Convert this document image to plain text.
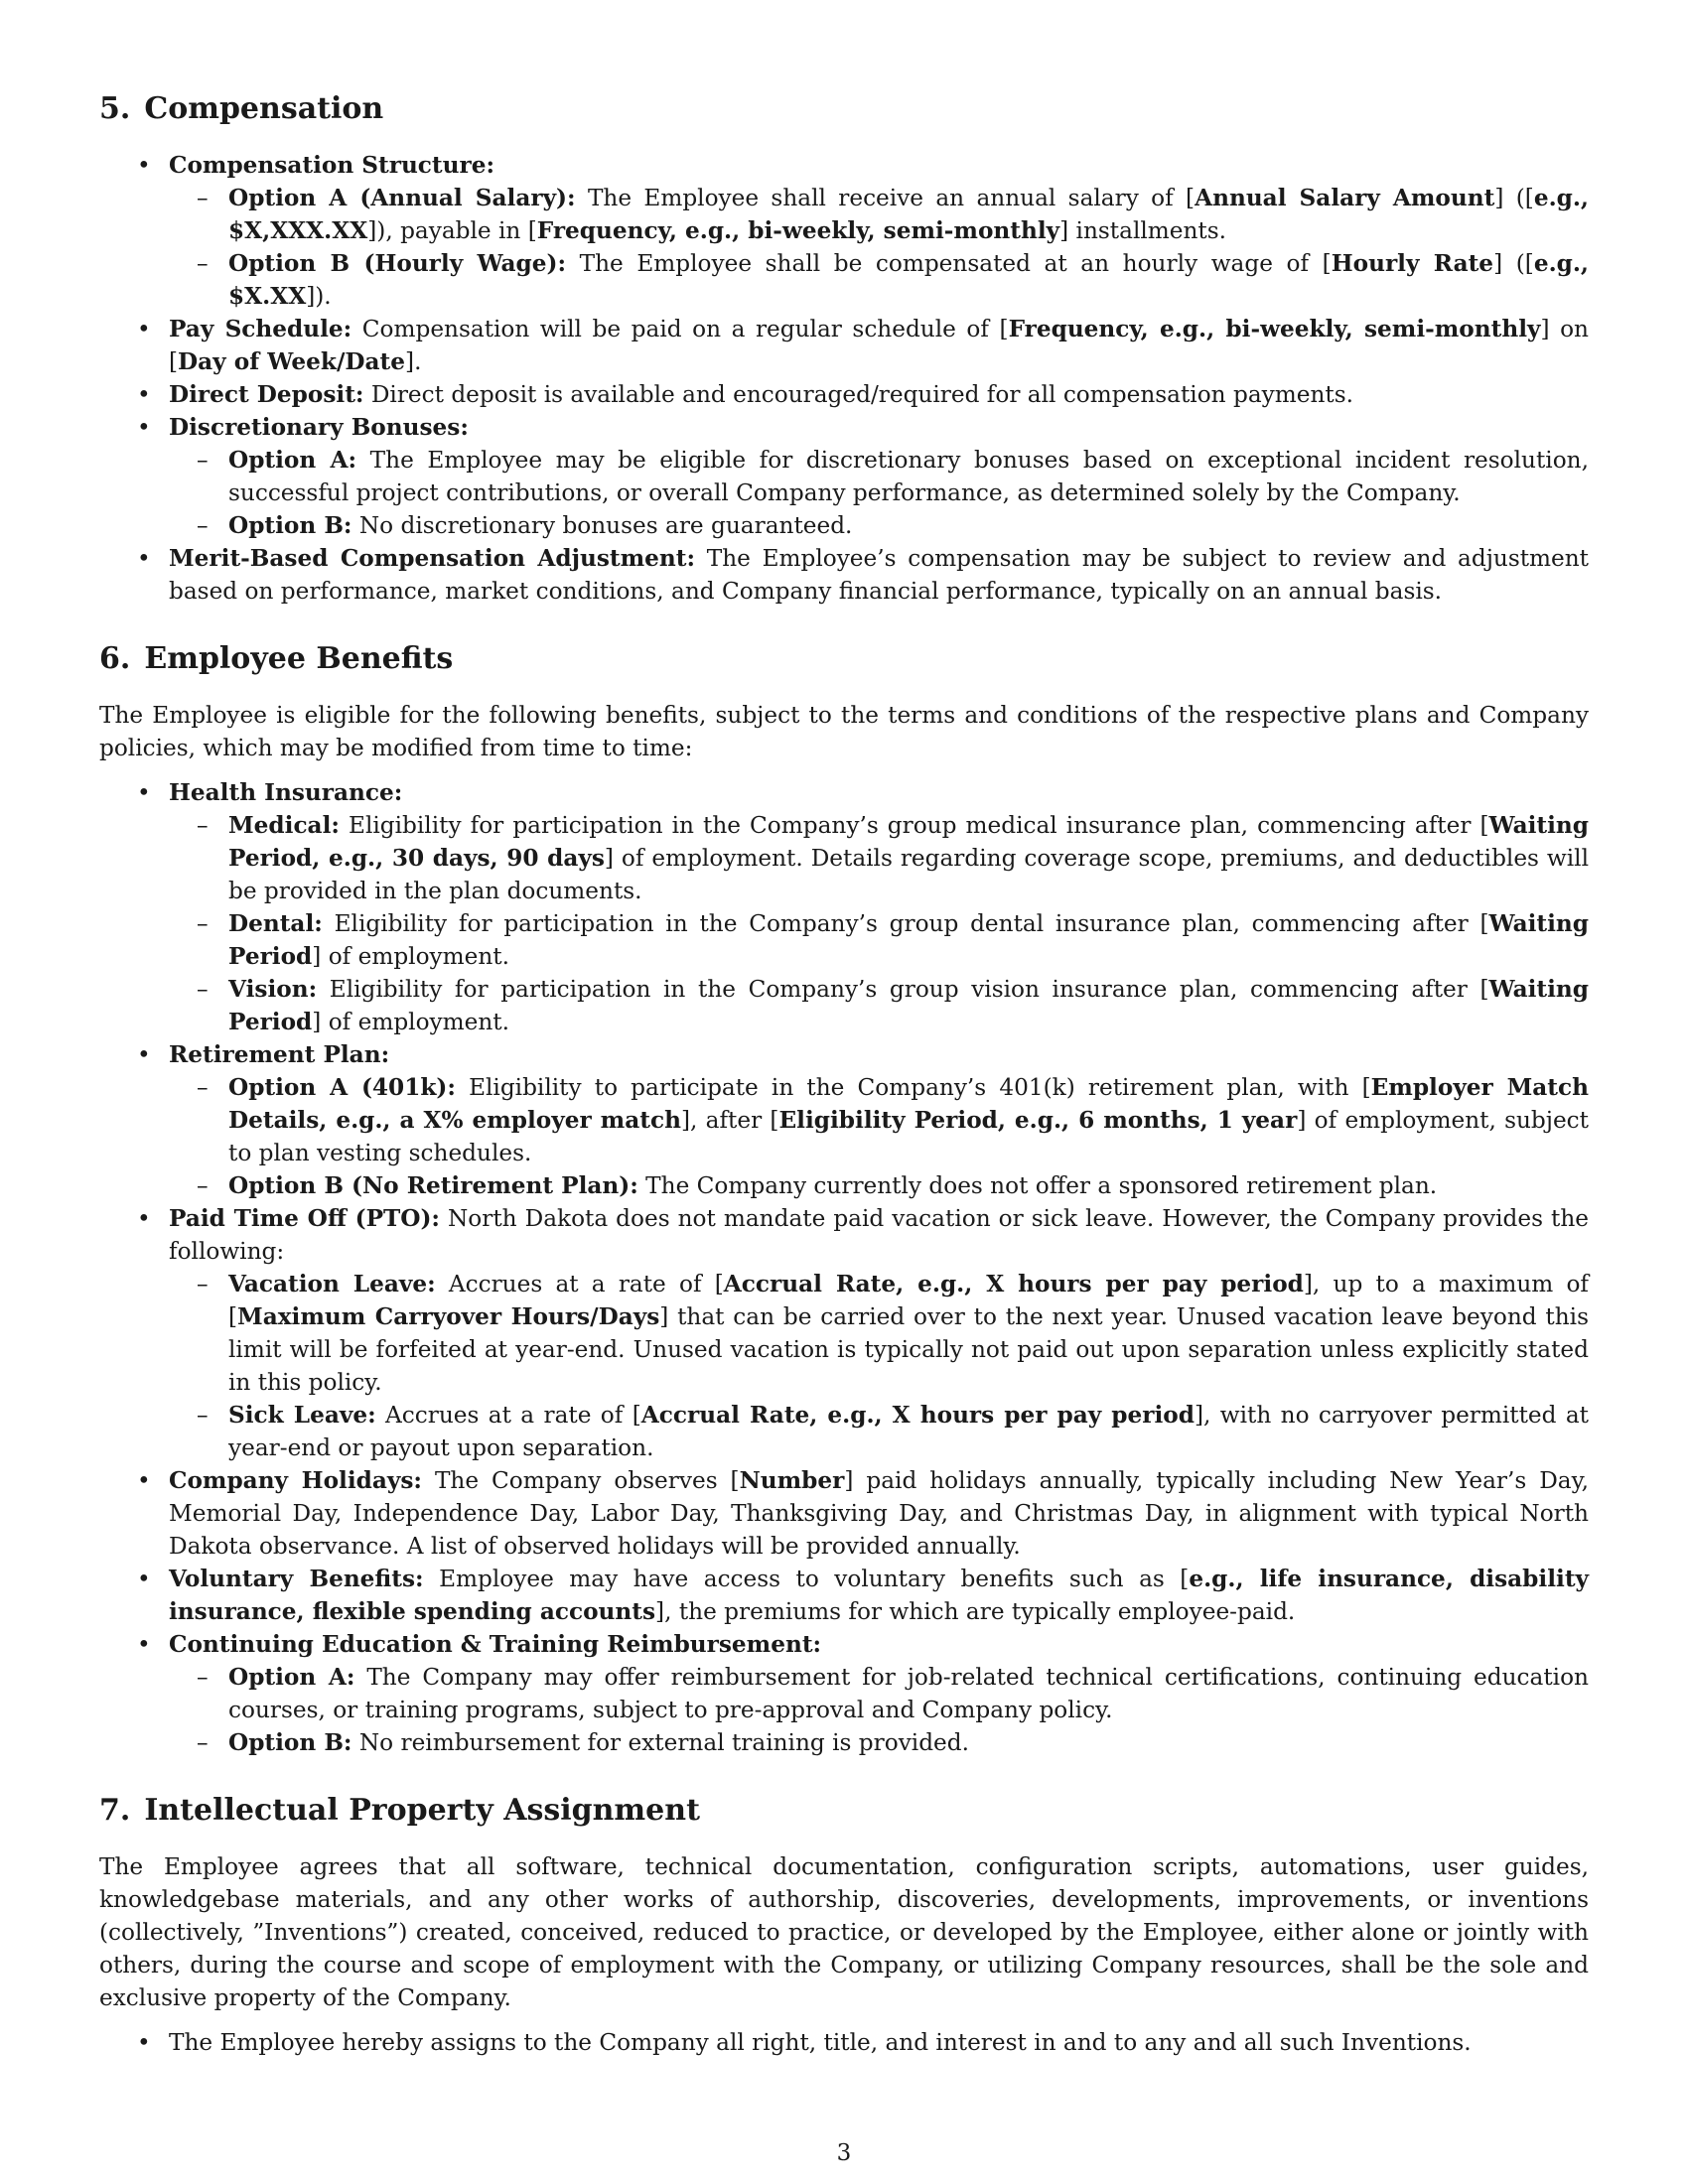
5. Compensation
• Compensation Structure:
– Option A (Annual Salary): The Employee shall receive an annual salary of [Annual Salary Amount] ([e.g., $X,XXX.XX]), payable in [Frequency, e.g., bi-weekly, semi-monthly] installments.
– Option B (Hourly Wage): The Employee shall be compensated at an hourly wage of [Hourly Rate] ([e.g., $X.XX]).
• Pay Schedule: Compensation will be paid on a regular schedule of [Frequency, e.g., bi-weekly, semi-monthly] on [Day of Week/Date].
• Direct Deposit: Direct deposit is available and encouraged/required for all compensation payments.
• Discretionary Bonuses:
– Option A: The Employee may be eligible for discretionary bonuses based on exceptional incident resolution, successful project contributions, or overall Company performance, as determined solely by the Company.
– Option B: No discretionary bonuses are guaranteed.
• Merit-Based Compensation Adjustment: The Employee’s compensation may be subject to review and adjustment based on performance, market conditions, and Company financial performance, typically on an annual basis.
6. Employee Benefits

The Employee is eligible for the following benefits, subject to the terms and conditions of the respective plans and Company policies, which may be modified from time to time:

• Health Insurance:
– Medical: Eligibility for participation in the Company’s group medical insurance plan, commencing after [Waiting Period, e.g., 30 days, 90 days] of employment. Details regarding coverage scope, premiums, and deductibles will be provided in the plan documents.
– Dental: Eligibility for participation in the Company’s group dental insurance plan, commencing after [Waiting Period] of employment.
– Vision: Eligibility for participation in the Company’s group vision insurance plan, commencing after [Waiting Period] of employment.
• Retirement Plan:
– Option A (401k): Eligibility to participate in the Company’s 401(k) retirement plan, with [Employer Match Details, e.g., a X% employer match], after [Eligibility Period, e.g., 6 months, 1 year] of employment, subject to plan vesting schedules.
– Option B (No Retirement Plan): The Company currently does not offer a sponsored retirement plan.
• Paid Time Off (PTO): North Dakota does not mandate paid vacation or sick leave. However, the Company provides the following:
– Vacation Leave: Accrues at a rate of [Accrual Rate, e.g., X hours per pay period], up to a maximum of [Maximum Carryover Hours/Days] that can be carried over to the next year. Unused vacation leave beyond this limit will be forfeited at year-end. Unused vacation is typically not paid out upon separation unless explicitly stated in this policy.
– Sick Leave: Accrues at a rate of [Accrual Rate, e.g., X hours per pay period], with no carryover permitted at year-end or payout upon separation.
• Company Holidays: The Company observes [Number] paid holidays annually, typically including New Year’s Day, Memorial Day, Independence Day, Labor Day, Thanksgiving Day, and Christmas Day, in alignment with typical North Dakota observance. A list of observed holidays will be provided annually.
• Voluntary Benefits: Employee may have access to voluntary benefits such as [e.g., life insurance, disability insurance, flexible spending accounts], the premiums for which are typically employee-paid.
• Continuing Education & Training Reimbursement:
– Option A: The Company may offer reimbursement for job-related technical certifications, continuing education courses, or training programs, subject to pre-approval and Company policy.
– Option B: No reimbursement for external training is provided.
7. Intellectual Property Assignment

The Employee agrees that all software, technical documentation, configuration scripts, automations, user guides, knowledgebase materials, and any other works of authorship, discoveries, developments, improvements, or inventions (collectively, ”Inventions”) created, conceived, reduced to practice, or developed by the Employee, either alone or jointly with others, during the course and scope of employment with the Company, or utilizing Company resources, shall be the sole and exclusive property of the Company.

• The Employee hereby assigns to the Company all right, title, and interest in and to any and all such Inventions.
3
